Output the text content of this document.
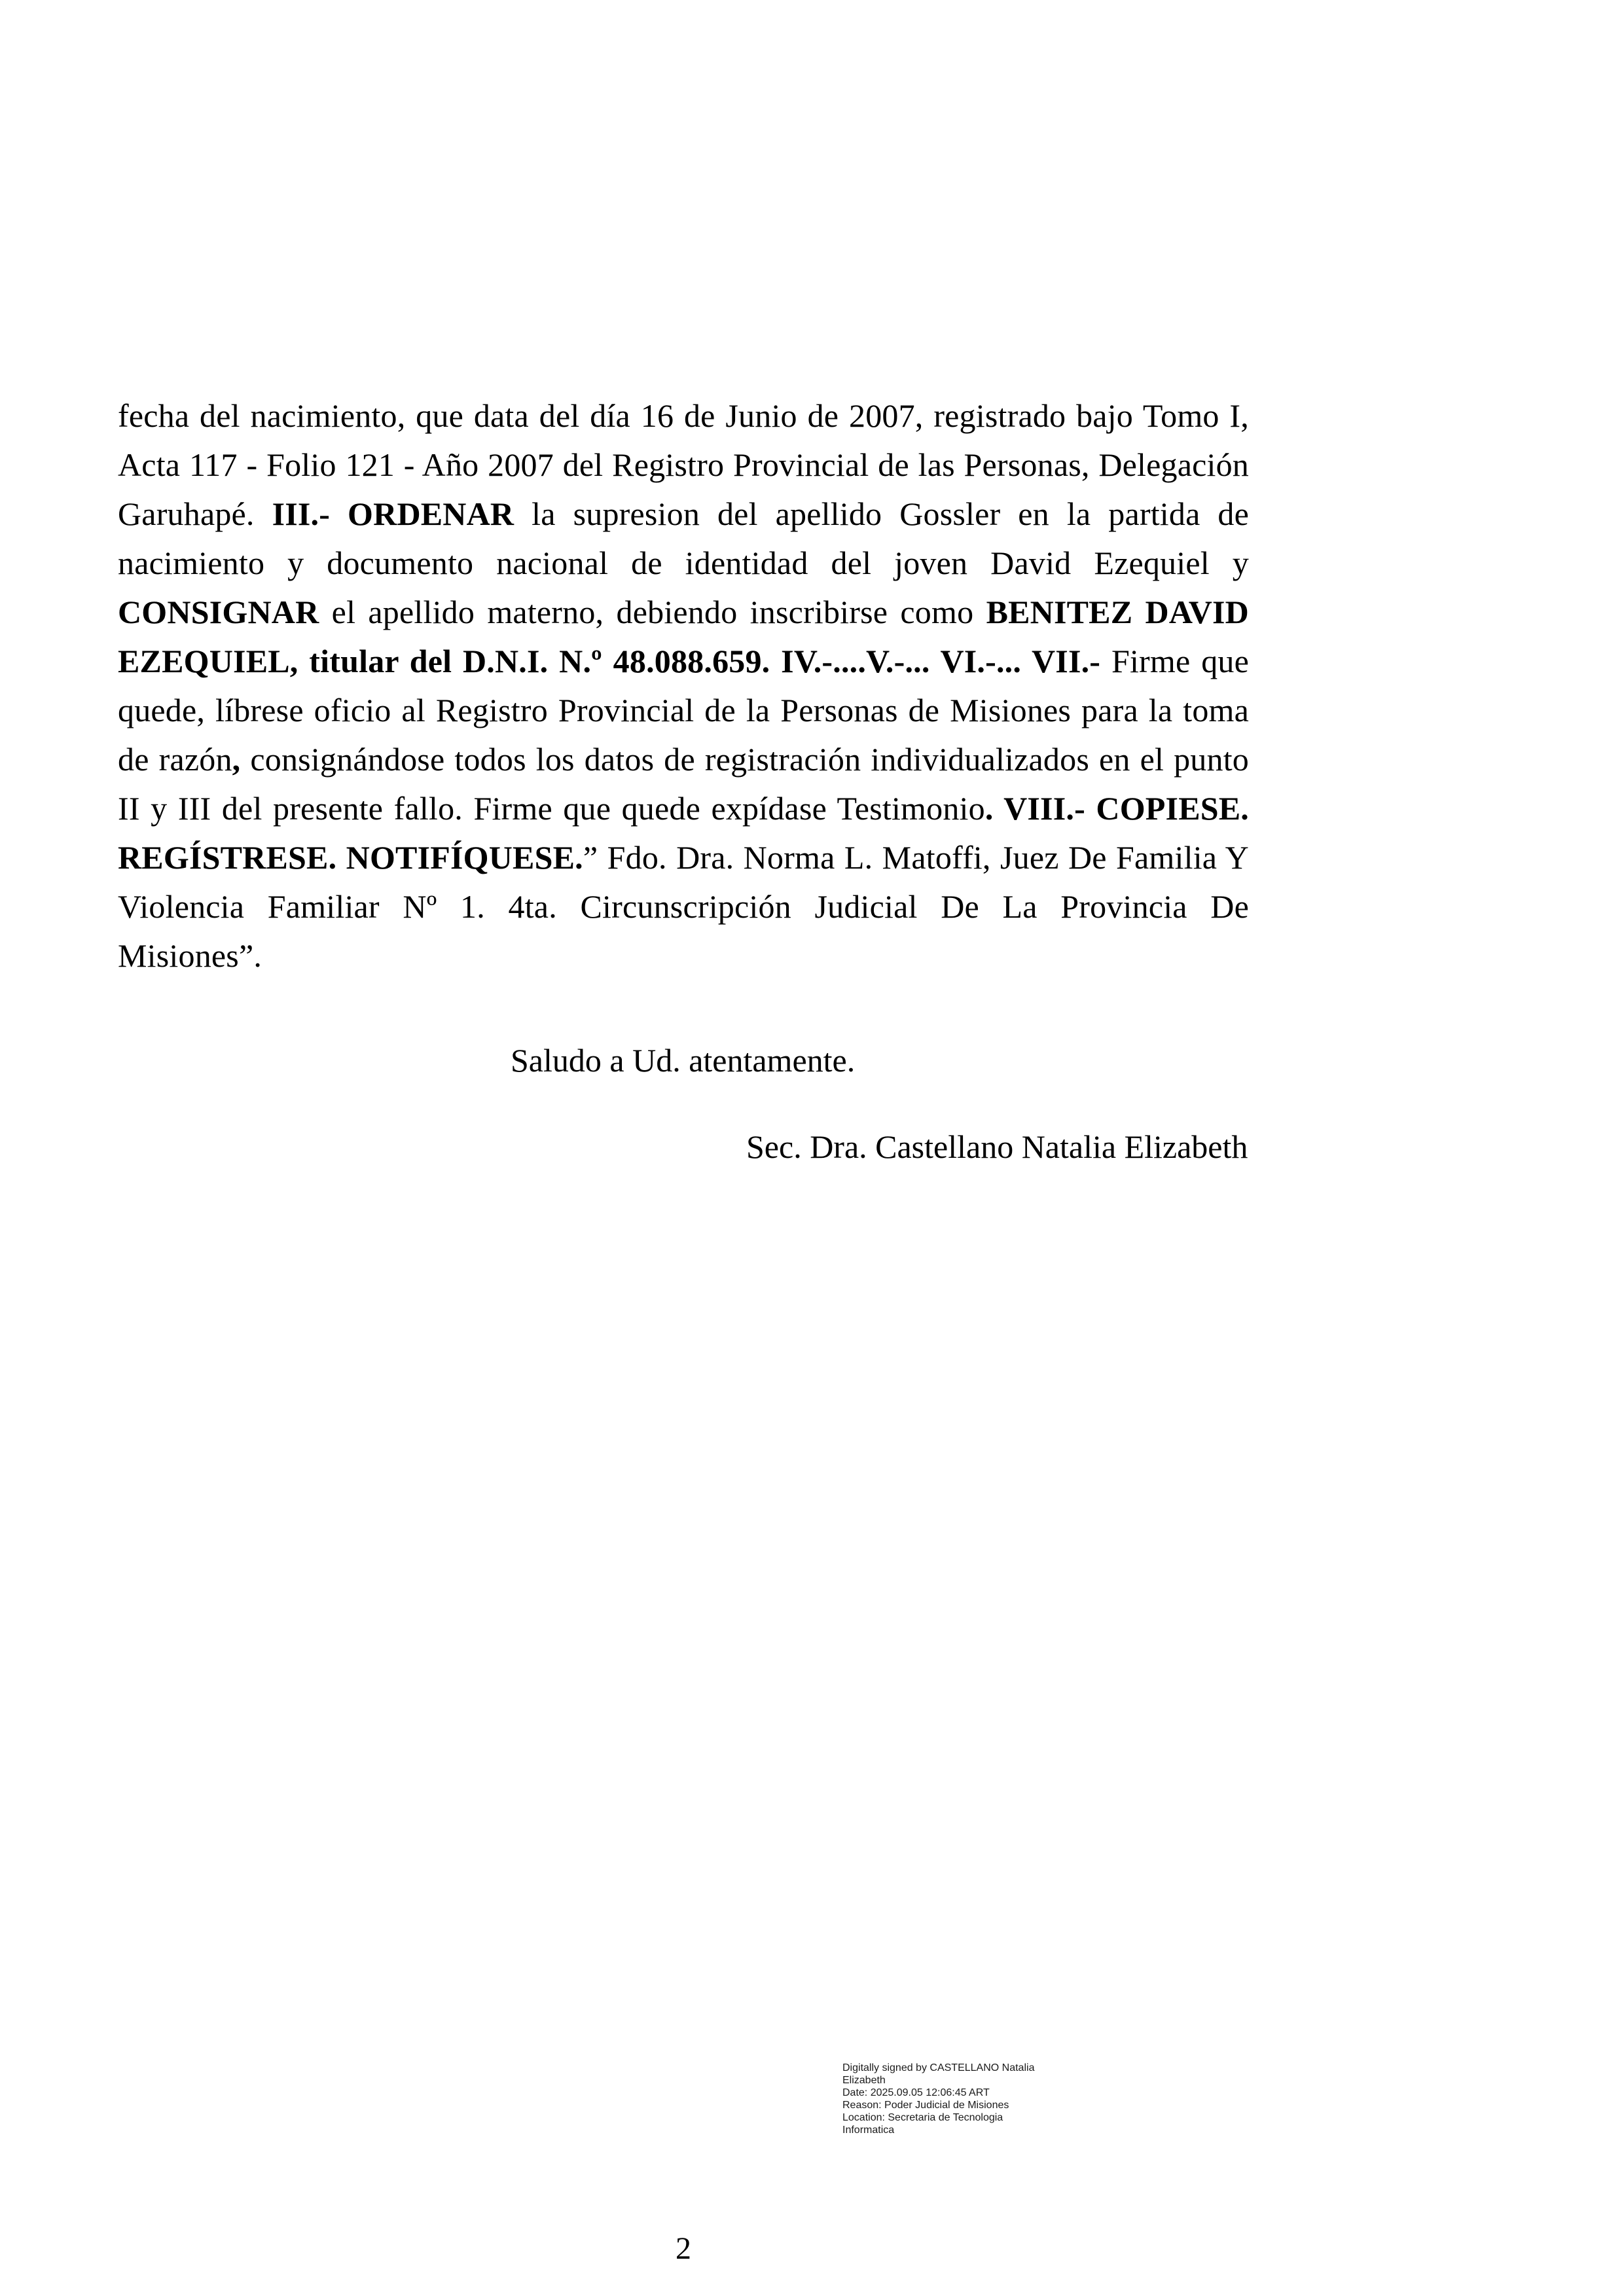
fecha del nacimiento, que data del día 16 de Junio de 2007, registrado bajo Tomo I, Acta 117 - Folio 121 - Año 2007 del Registro Provincial de las Personas, Delegación Garuhapé. III.- ORDENAR la supresion del apellido Gossler en la partida de nacimiento y documento nacional de identidad del joven David Ezequiel y CONSIGNAR el apellido materno, debiendo inscribirse como BENITEZ DAVID EZEQUIEL, titular del D.N.I. N.º 48.088.659. IV.-....V.-... VI.-... VII.- Firme que quede, líbrese oficio al Registro Provincial de la Personas de Misiones para la toma de razón, consignándose todos los datos de registración individualizados en el punto II y III del presente fallo. Firme que quede expídase Testimonio. VIII.- COPIESE. REGÍSTRESE. NOTIFÍQUESE.” Fdo. Dra. Norma L. Matoffi, Juez De Familia Y Violencia Familiar Nº 1. 4ta. Circunscripción Judicial De La Provincia De Misiones”.

Saludo a Ud. atentamente.

Sec. Dra. Castellano Natalia Elizabeth

Digitally signed by CASTELLANO Natalia
Elizabeth
Date: 2025.09.05 12:06:45 ART
Reason: Poder Judicial de Misiones
Location: Secretaria de Tecnologia
Informatica
2
